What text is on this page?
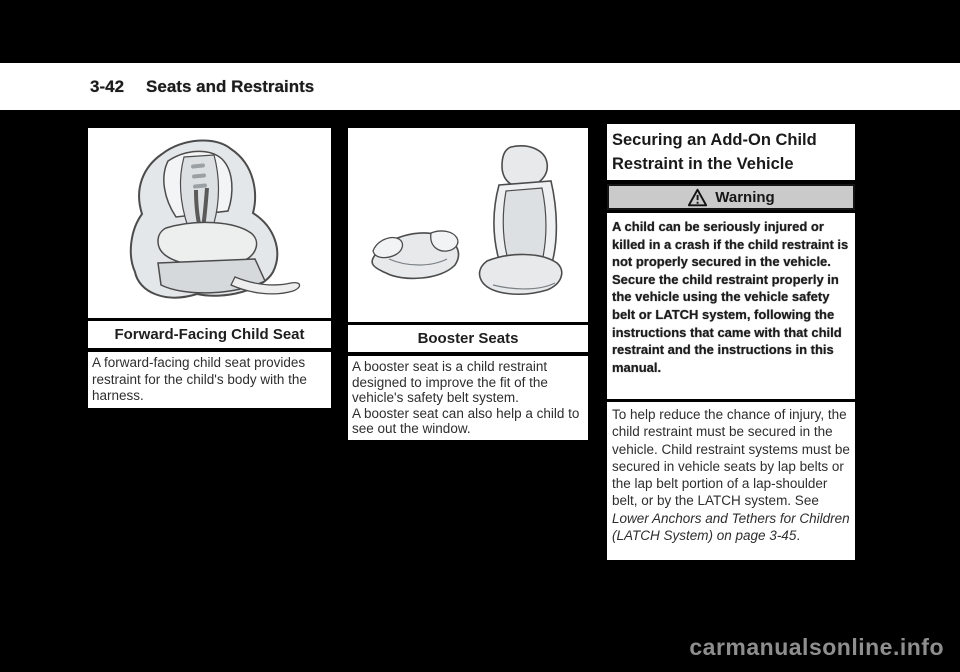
3-42 Seats and Restraints
Forward-Facing Child Seat
A forward-facing child seat provides restraint for the child's body with the harness.
Booster Seats
A booster seat is a child restraint designed to improve the fit of the vehicle's safety belt system.
A booster seat can also help a child to see out the window.
Securing an Add-On Child Restraint in the Vehicle
Warning
A child can be seriously injured or killed in a crash if the child restraint is not properly secured in the vehicle. Secure the child restraint properly in the vehicle using the vehicle safety belt or LATCH system, following the instructions that came with that child restraint and the instructions in this manual.
To help reduce the chance of injury, the child restraint must be secured in the vehicle. Child restraint systems must be secured in vehicle seats by lap belts or the lap belt portion of a lap-shoulder belt, or by the LATCH system. See Lower Anchors and Tethers for Children (LATCH System) on page 3-45.
carmanualsonline.info
